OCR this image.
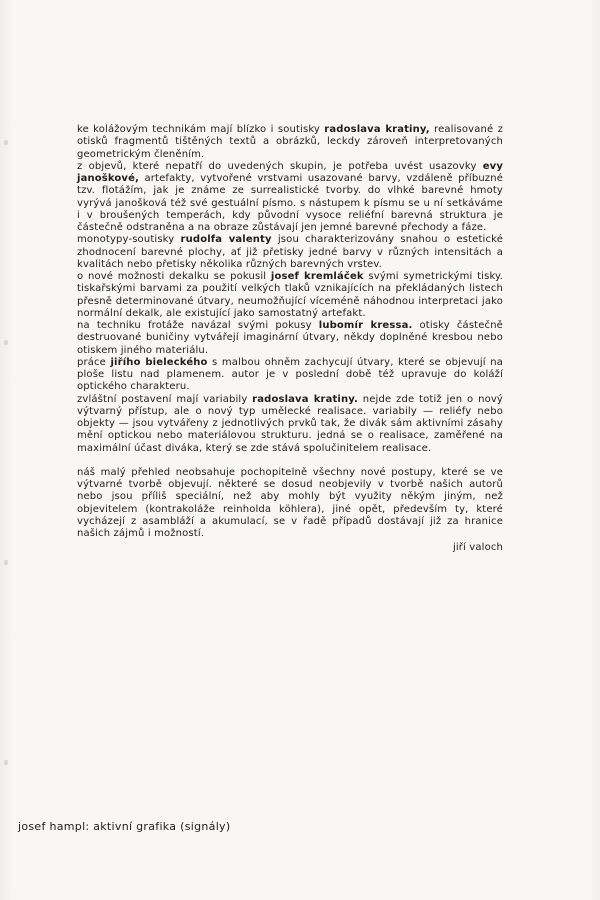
ke kolážovým technikám mají blízko i soutisky radoslava kratiny, realisované z otisků fragmentů tištěných textů a obrázků, leckdy zároveň interpretovaných geometrickým členěním.

z objevů, které nepatří do uvedených skupin, je potřeba uvést usazovky evy janoškové, artefakty, vytvořené vrstvami usazované barvy, vzdáleně příbuzné tzv. flotážím, jak je známe ze surrealistické tvorby. do vlhké barevné hmoty vyrývá janošková též své gestuální písmo. s nástupem k písmu se u ní setkáváme i v broušených temperách, kdy původní vysoce reliéfní barevná struktura je částečně odstraněna a na obraze zůstávají jen jemné barevné přechody a fáze.

monotypy-soutisky rudolfa valenty jsou charakterizovány snahou o estetické zhodnocení barevné plochy, ať již přetisky jedné barvy v různých intensitách a kvalitách nebo přetisky několika různých barevných vrstev.

o nové možnosti dekalku se pokusil josef kremláček svými symetrickými tisky. tiskařskými barvami za použití velkých tlaků vznikajících na překládaných listech přesně determinované útvary, neumožňující víceméně náhodnou interpretaci jako normální dekalk, ale existující jako samostatný artefakt.

na techniku frotáže navázal svými pokusy lubomír kressa. otisky částečně destruované buničiny vytvářejí imaginární útvary, někdy doplněné kresbou nebo otiskem jiného materiálu.

práce jiřího bieleckého s malbou ohněm zachycují útvary, které se objevují na ploše listu nad plamenem. autor je v poslední době též upravuje do koláží optického charakteru.

zvláštní postavení mají variabily radoslava kratiny. nejde zde totiž jen o nový výtvarný přístup, ale o nový typ umělecké realisace. variabily — reliéfy nebo objekty — jsou vytvářeny z jednotlivých prvků tak, že divák sám aktivními zásahy mění optickou nebo materiálovou strukturu. jedná se o realisace, zaměřené na maximální účast diváka, který se zde stává spolučinitelem realisace.

náš malý přehled neobsahuje pochopitelně všechny nové postupy, které se ve výtvarné tvorbě objevují. některé se dosud neobjevily v tvorbě našich autorů nebo jsou příliš speciální, než aby mohly být využity někým jiným, než objevitelem (kontrakoláže reinholda köhlera), jiné opět, především ty, které vycházejí z asambláží a akumulací, se v řadě případů dostávají již za hranice našich zájmů i možností.

jiří valoch
josef hampl: aktivní grafika (signály)
